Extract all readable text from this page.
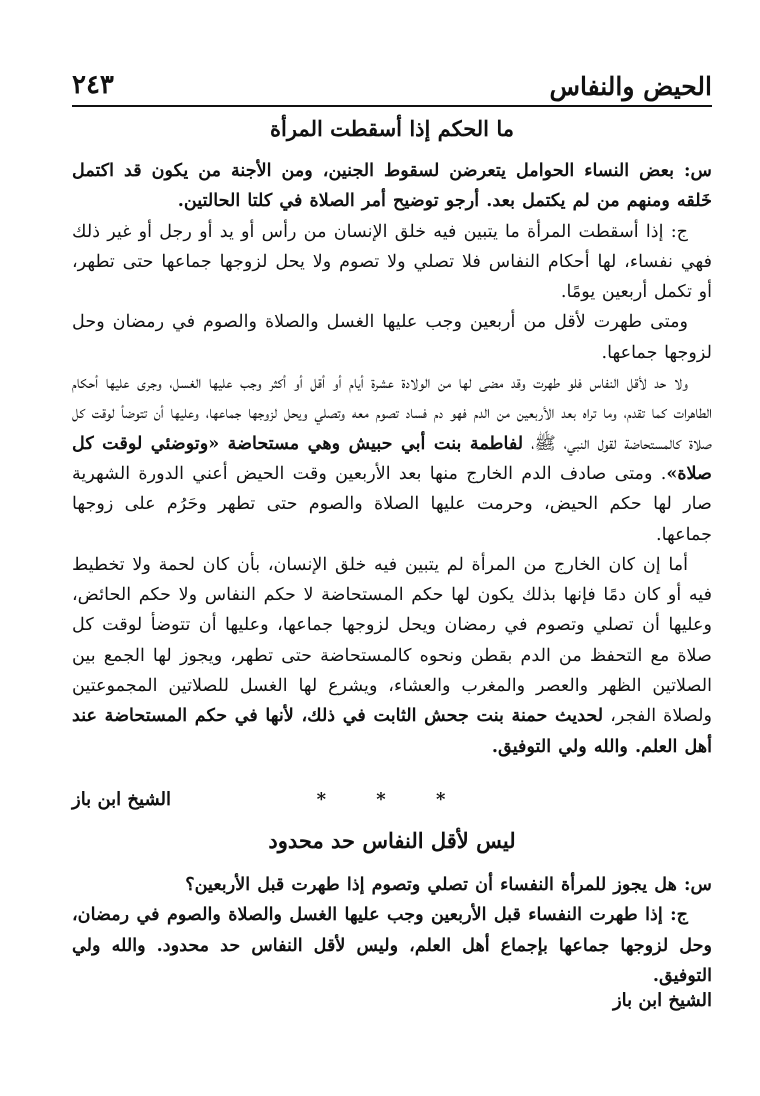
الحيض والنفاس
٢٤٣
ما الحكم إذا أسقطت المرأة

س: بعض النساء الحوامل يتعرضن لسقوط الجنين، ومن الأجنة من يكون قد اكتمل خَلقه ومنهم من لم يكتمل بعد. أرجو توضيح أمر الصلاة في كلتا الحالتين.

ج: إذا أسقطت المرأة ما يتبين فيه خلق الإنسان من رأس أو يد أو رجل أو غير ذلك فهي نفساء، لها أحكام النفاس فلا تصلي ولا تصوم ولا يحل لزوجها جماعها حتى تطهر، أو تكمل أربعين يومًا.

ومتى طهرت لأقل من أربعين وجب عليها الغسل والصلاة والصوم في رمضان وحل لزوجها جماعها.

ولا حد لأقل النفاس فلو طهرت وقد مضى لها من الولادة عشرة أيام أو أقل أو أكثر وجب عليها الغسل، وجرى عليها أحكام الطاهرات كما تقدم، وما تراه بعد الأربعين من الدم فهو دم فساد تصوم معه وتصلي ويحل لزوجها جماعها، وعليها أن تتوضأ لوقت كل صلاة كالمستحاضة لقول النبي، ﷺ، لفاطمة بنت أبي حبيش وهي مستحاضة «وتوضئي لوقت كل صلاة». ومتى صادف الدم الخارج منها بعد الأربعين وقت الحيض أعني الدورة الشهرية صار لها حكم الحيض، وحرمت عليها الصلاة والصوم حتى تطهر وحَرُم على زوجها جماعها.

أما إن كان الخارج من المرأة لم يتبين فيه خلق الإنسان، بأن كان لحمة ولا تخطيط فيه أو كان دمًا فإنها بذلك يكون لها حكم المستحاضة لا حكم النفاس ولا حكم الحائض، وعليها أن تصلي وتصوم في رمضان ويحل لزوجها جماعها، وعليها أن تتوضأ لوقت كل صلاة مع التحفظ من الدم بقطن ونحوه كالمستحاضة حتى تطهر، ويجوز لها الجمع بين الصلاتين الظهر والعصر والمغرب والعشاء، ويشرع لها الغسل للصلاتين المجموعتين ولصلاة الفجر، لحديث حمنة بنت جحش الثابت في ذلك، لأنها في حكم المستحاضة عند أهل العلم. والله ولي التوفيق.

* * *
الشيخ ابن باز
ليس لأقل النفاس حد محدود

س: هل يجوز للمرأة النفساء أن تصلي وتصوم إذا طهرت قبل الأربعين؟

ج: إذا طهرت النفساء قبل الأربعين وجب عليها الغسل والصلاة والصوم في رمضان، وحل لزوجها جماعها بإجماع أهل العلم، وليس لأقل النفاس حد محدود. والله ولي التوفيق.

الشيخ ابن باز
